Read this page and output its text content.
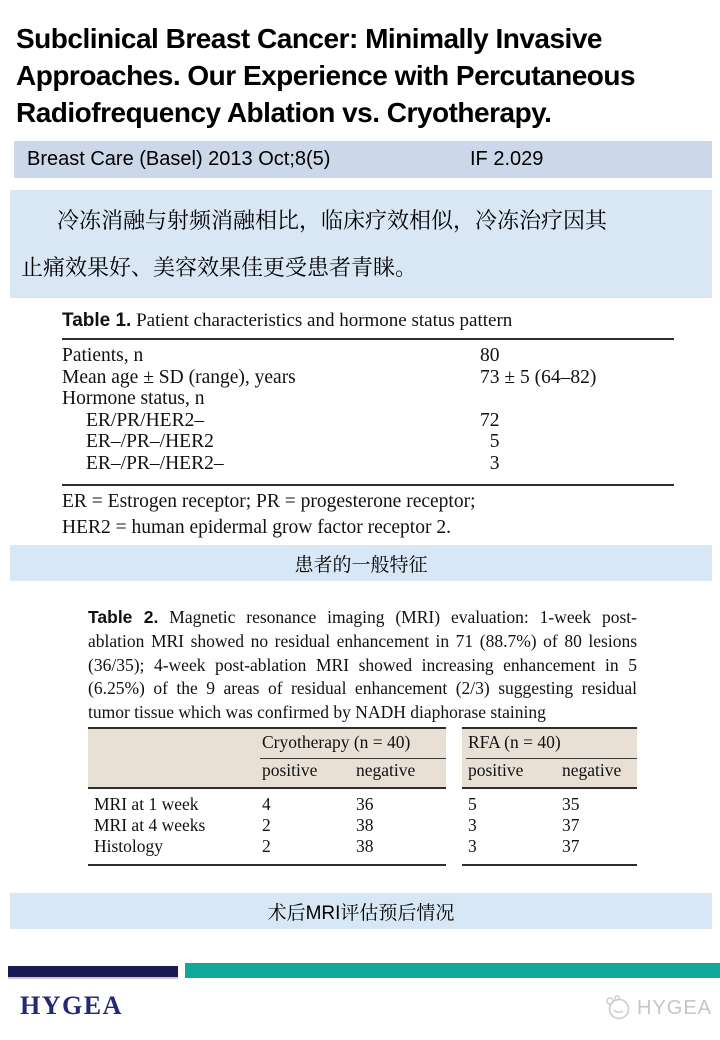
Subclinical Breast Cancer: Minimally Invasive
Approaches. Our Experience with Percutaneous
Radiofrequency Ablation vs. Cryotherapy.
Breast Care (Basel) 2013 Oct;8(5)	IF 2.029
冷冻消融与射频消融相比，临床疗效相似，冷冻治疗因其
止痛效果好、美容效果佳更受患者青睐。
Table 1. Patient characteristics and hormone status pattern
Patients, n	80
Mean age ± SD (range), years	73 ± 5 (64–82)
Hormone status, n
ER/PR/HER2–	72
ER–/PR–/HER2	 5
ER–/PR–/HER2–	 3
ER = Estrogen receptor; PR = progesterone receptor;
HER2 = human epidermal grow factor receptor 2.
患者的一般特征
Table 2. Magnetic resonance imaging (MRI) evaluation: 1-week post-
ablation MRI showed no residual enhancement in 71 (88.7%) of 80 lesions
(36/35); 4-week post-ablation MRI showed increasing enhancement in 5
(6.25%) of the 9 areas of residual enhancement (2/3) suggesting residual
tumor tissue which was confirmed by NADH diaphorase staining
Cryotherapy (n = 40)	RFA (n = 40)
positive negative	positive negative
MRI at 1 week	4	36	5	35
MRI at 4 weeks	2	38	3	37
Histology	2	38	3	37
术后MRI评估预后情况
HYGEA	HYGEA
